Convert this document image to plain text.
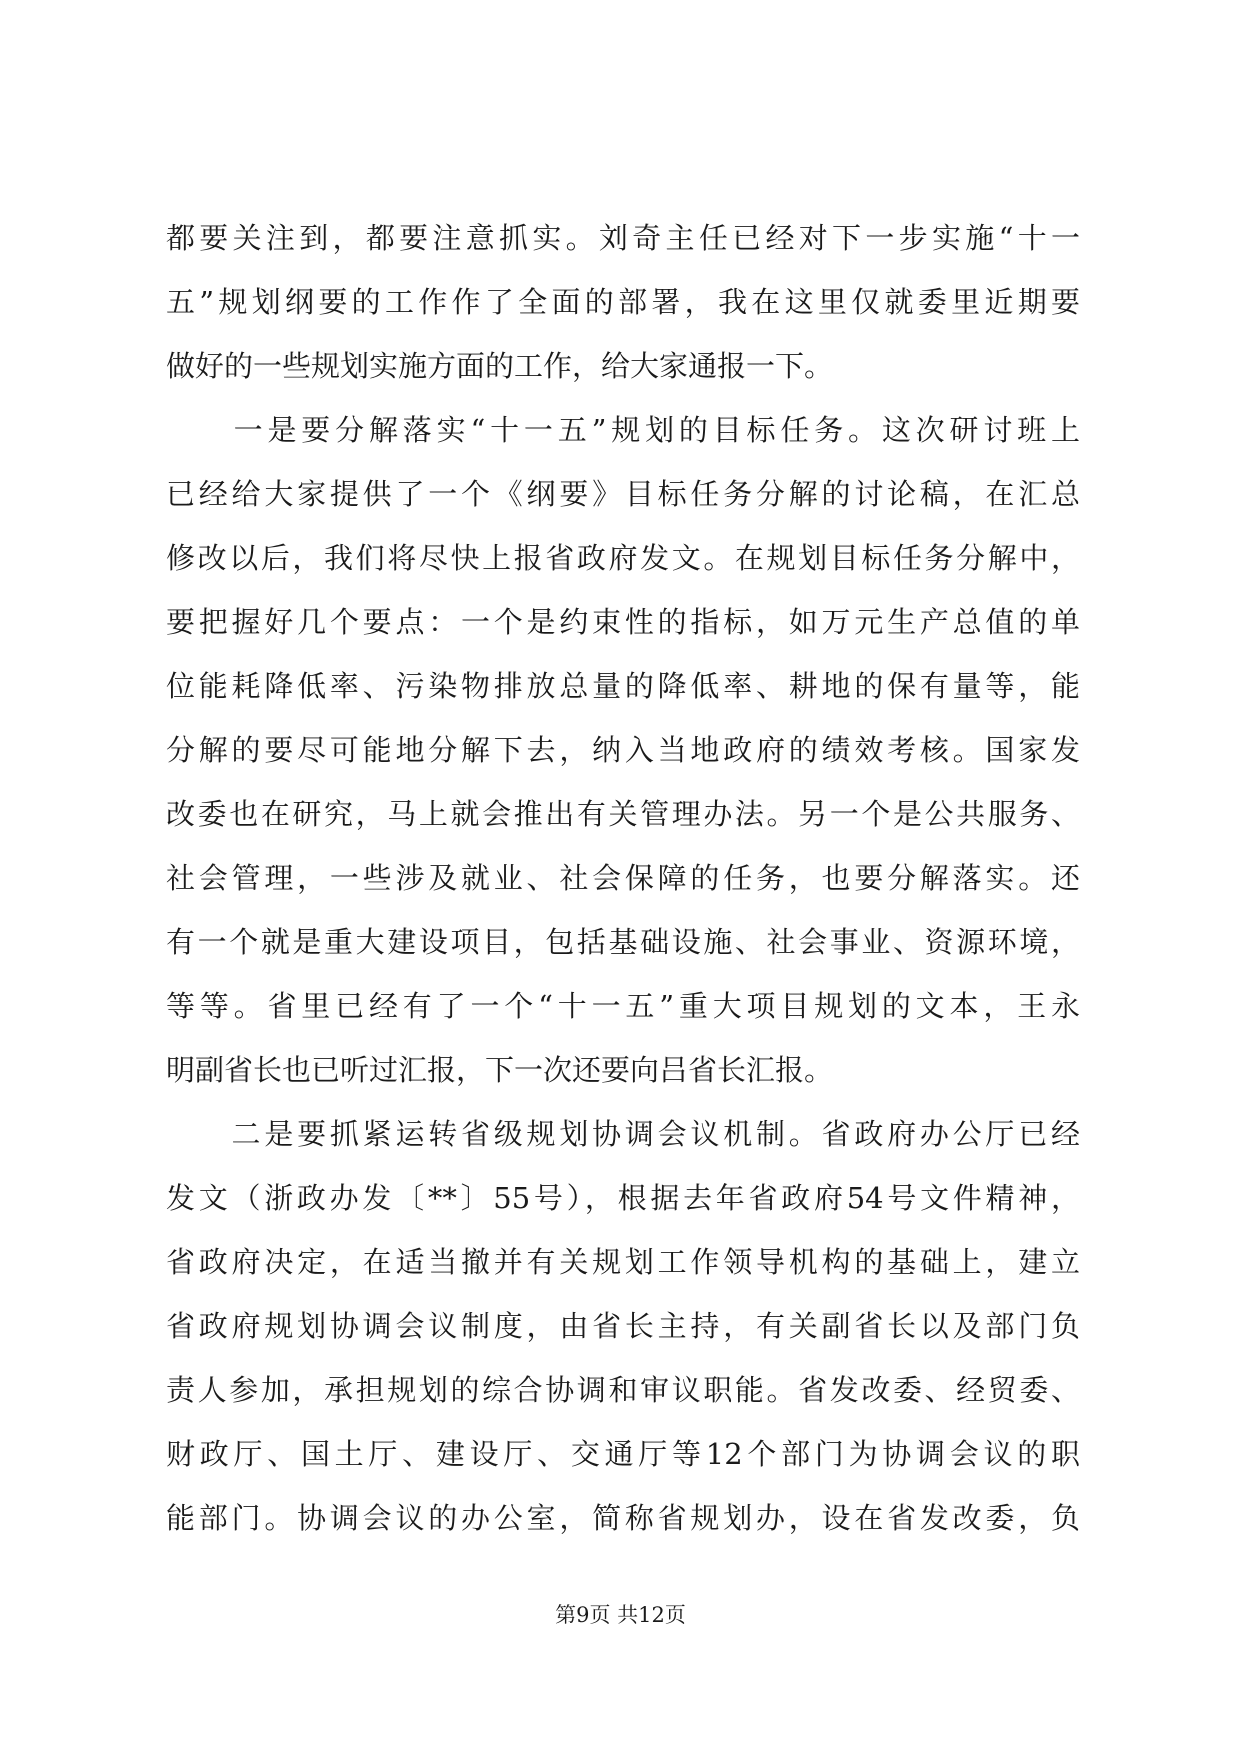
都要关注到，都要注意抓实。刘奇主任已经对下一步实施“十一
五”规划纲要的工作作了全面的部署，我在这里仅就委里近期要
做好的一些规划实施方面的工作，给大家通报一下。
　　一是要分解落实“十一五”规划的目标任务。这次研讨班上
已经给大家提供了一个《纲要》目标任务分解的讨论稿，在汇总
修改以后，我们将尽快上报省政府发文。在规划目标任务分解中，
要把握好几个要点：一个是约束性的指标，如万元生产总值的单
位能耗降低率、污染物排放总量的降低率、耕地的保有量等，能
分解的要尽可能地分解下去，纳入当地政府的绩效考核。国家发
改委也在研究，马上就会推出有关管理办法。另一个是公共服务、
社会管理，一些涉及就业、社会保障的任务，也要分解落实。还
有一个就是重大建设项目，包括基础设施、社会事业、资源环境，
等等。省里已经有了一个“十一五”重大项目规划的文本，王永
明副省长也已听过汇报，下一次还要向吕省长汇报。
　　二是要抓紧运转省级规划协调会议机制。省政府办公厅已经
发文（浙政办发〔**〕55号），根据去年省政府54号文件精神，
省政府决定，在适当撤并有关规划工作领导机构的基础上，建立
省政府规划协调会议制度，由省长主持，有关副省长以及部门负
责人参加，承担规划的综合协调和审议职能。省发改委、经贸委、
财政厅、国土厅、建设厅、交通厅等12个部门为协调会议的职
能部门。协调会议的办公室，简称省规划办，设在省发改委，负
第9页 共12页
